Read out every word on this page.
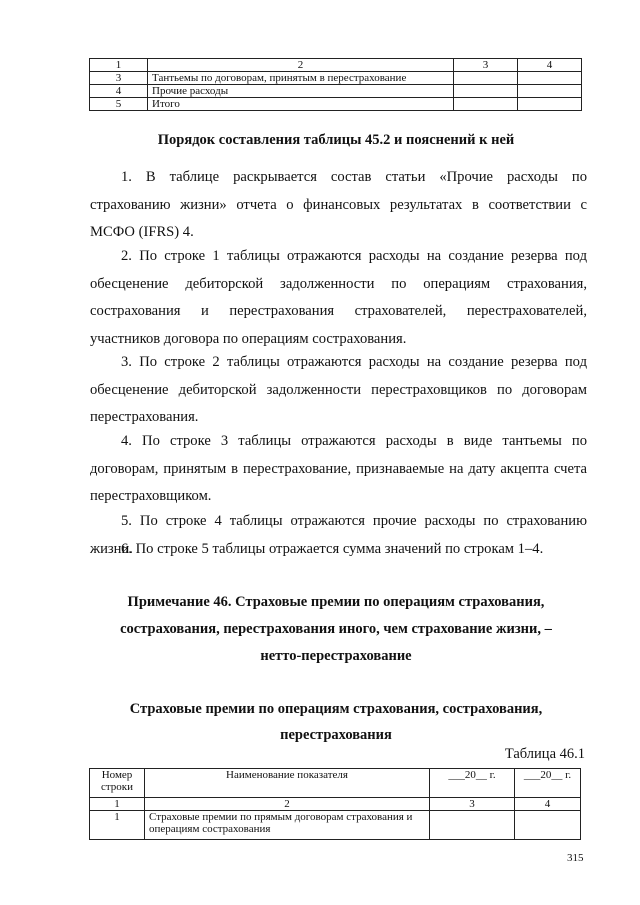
1	2	3	4
3	Тантьемы по договорам, принятым в перестрахование		
4	Прочие расходы		
5	Итого		
Порядок составления таблицы 45.2 и пояснений к ней

1. В таблице раскрывается состав статьи «Прочие расходы по страхованию жизни» отчета о финансовых результатах в соответствии с МСФО (IFRS) 4.

2. По строке 1 таблицы отражаются расходы на создание резерва под обесценение дебиторской задолженности по операциям страхования, сострахования и перестрахования страхователей, перестрахователей, участников договора по операциям сострахования.

3. По строке 2 таблицы отражаются расходы на создание резерва под обесценение дебиторской задолженности перестраховщиков по договорам перестрахования.

4. По строке 3 таблицы отражаются расходы в виде тантьемы по договорам, принятым в перестрахование, признаваемые на дату акцепта счета перестраховщиком.

5. По строке 4 таблицы отражаются прочие расходы по страхованию жизни.

6. По строке 5 таблицы отражается сумма значений по строкам 1–4.

Примечание 46. Страховые премии по операциям страхования,
сострахования, перестрахования иного, чем страхование жизни, –
нетто-перестрахование
Страховые премии по операциям страхования, сострахования,
перестрахования
Таблица 46.1
Номер строки	Наименование показателя	___20__ г.	___20__ г.
1	2	3	4
1	Страховые премии по прямым договорам страхования и операциям сострахования		
315
